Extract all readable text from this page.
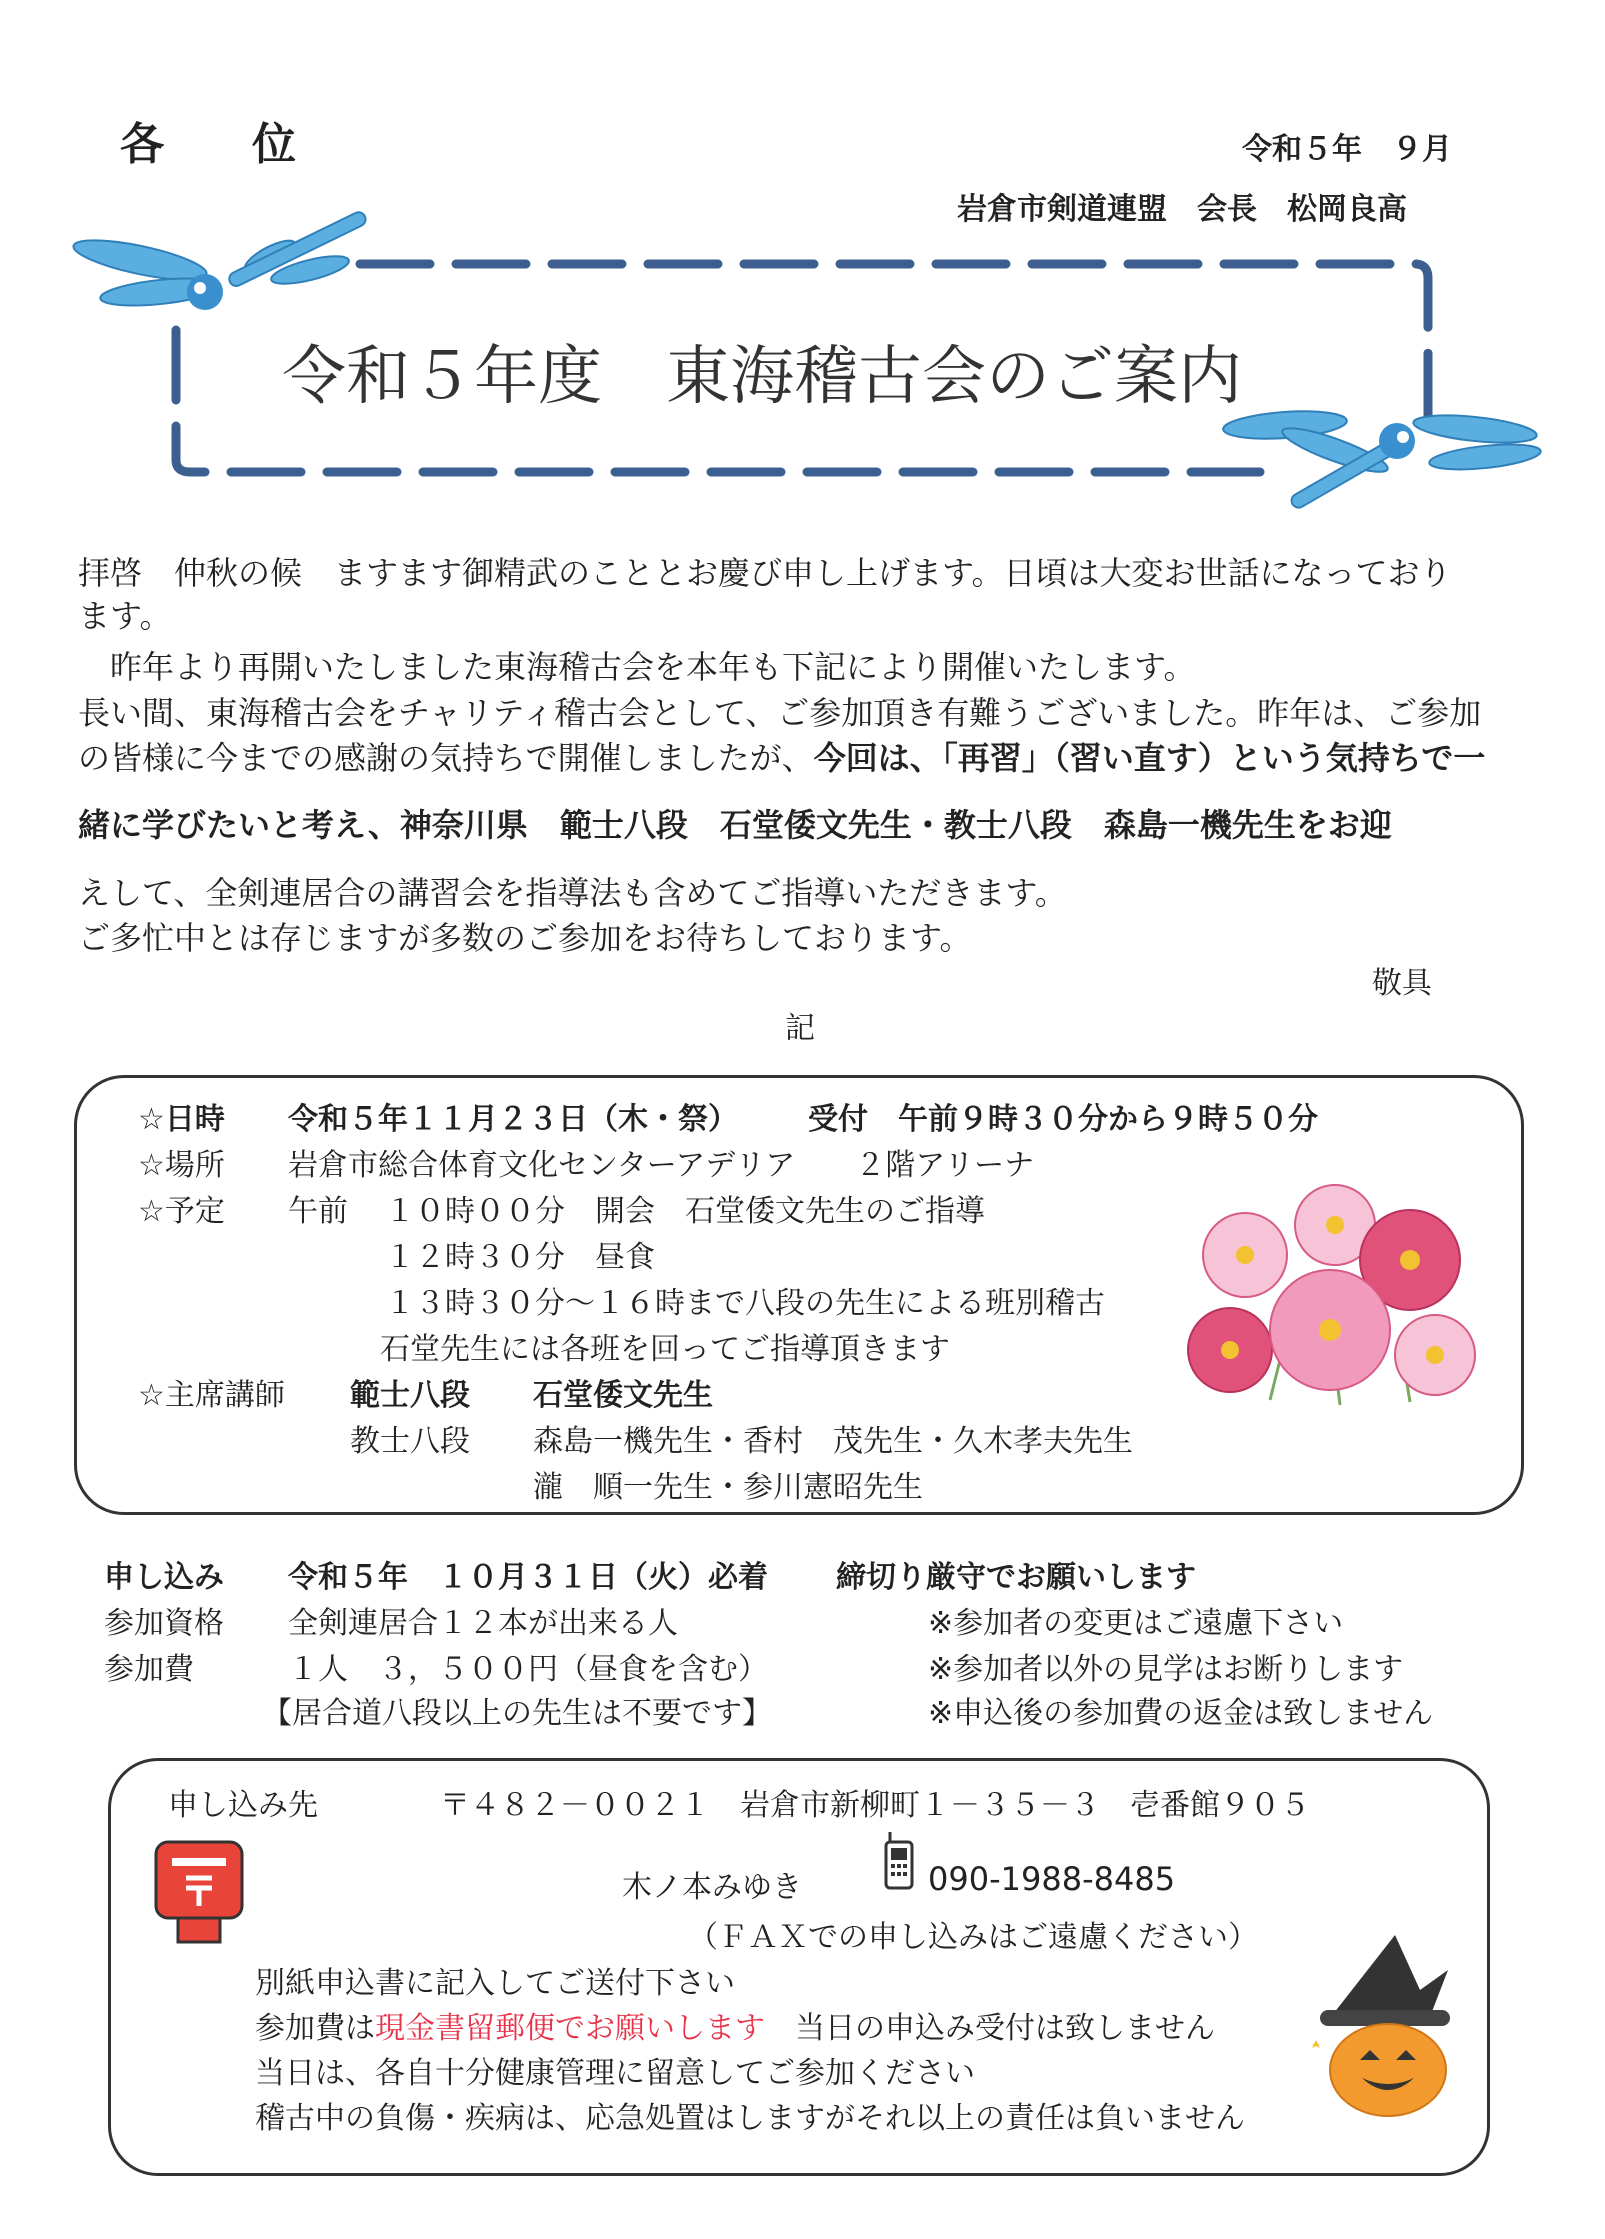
各　　位	令和５年　９月
岩倉市剣道連盟　会長　松岡良高
令和５年度　東海稽古会のご案内
拝啓　仲秋の候　ますます御精武のこととお慶び申し上げます。日頃は大変お世話になっており
ます。
　昨年より再開いたしました東海稽古会を本年も下記により開催いたします。
長い間、東海稽古会をチャリティ稽古会として、ご参加頂き有難うございました。昨年は、ご参加
の皆様に今までの感謝の気持ちで開催しましたが、今回は、「再習」（習い直す）という気持ちで一
緒に学びたいと考え、神奈川県　範士八段　石堂倭文先生・教士八段　森島一機先生をお迎
えして、全剣連居合の講習会を指導法も含めてご指導いただきます。
ご多忙中とは存じますが多数のご参加をお待ちしております。
敬具
記
☆日時 令和５年１１月２３日（木・祭） 受付　午前９時３０分から９時５０分
☆場所 岩倉市総合体育文化センターアデリア　　２階アリーナ
☆予定 午前 １０時００分　開会　石堂倭文先生のご指導
１２時３０分　昼食
１３時３０分～１６時まで八段の先生による班別稽古
石堂先生には各班を回ってご指導頂きます
☆主席講師 範士八段 石堂倭文先生
教士八段 森島一機先生・香村　茂先生・久木孝夫先生
瀧　順一先生・参川憲昭先生
申し込み 令和５年　１０月３１日（火）必着 締切り厳守でお願いします
参加資格 全剣連居合１２本が出来る人	※参加者の変更はご遠慮下さい
参加費	１人　３，５００円（昼食を含む）	※参加者以外の見学はお断りします
【居合道八段以上の先生は不要です】	※申込後の参加費の返金は致しません
申し込み先	〒４８２－００２１　岩倉市新柳町１－３５－３　壱番館９０５
木ノ本みゆき	090-1988-8485
（ＦＡＸでの申し込みはご遠慮ください）
別紙申込書に記入してご送付下さい
参加費は現金書留郵便でお願いします　当日の申込み受付は致しません
当日は、各自十分健康管理に留意してご参加ください
稽古中の負傷・疾病は、応急処置はしますがそれ以上の責任は負いません
